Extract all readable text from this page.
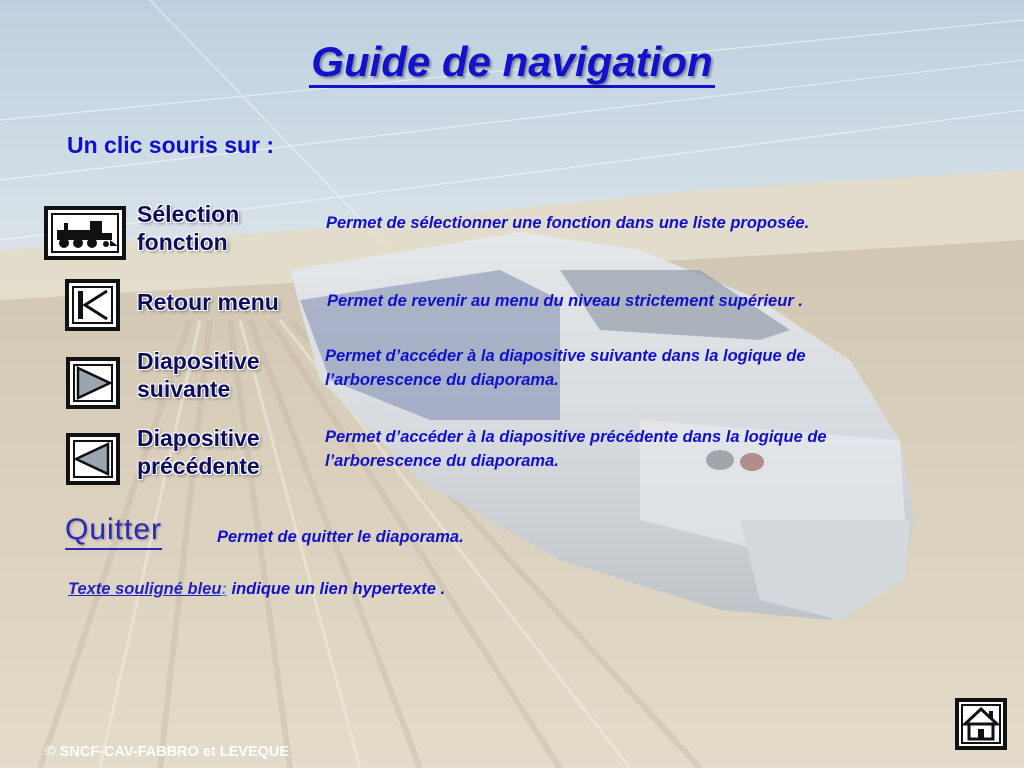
Guide de navigation
Un clic souris sur :
Sélection
fonction
Permet de sélectionner une fonction dans une liste proposée.
Retour menu	Permet de revenir au menu du niveau strictement supérieur .
Diapositive
suivante
Permet d’accéder à la diapositive suivante dans la logique de
l’arborescence du diaporama.
Diapositive
précédente
Permet d’accéder à la diapositive précédente dans la logique de
l’arborescence du diaporama.
Quitter	Permet de quitter le diaporama.
Texte souligné bleu: indique un lien hypertexte .
© SNCF-CAV-FABBRO et LEVEQUE
